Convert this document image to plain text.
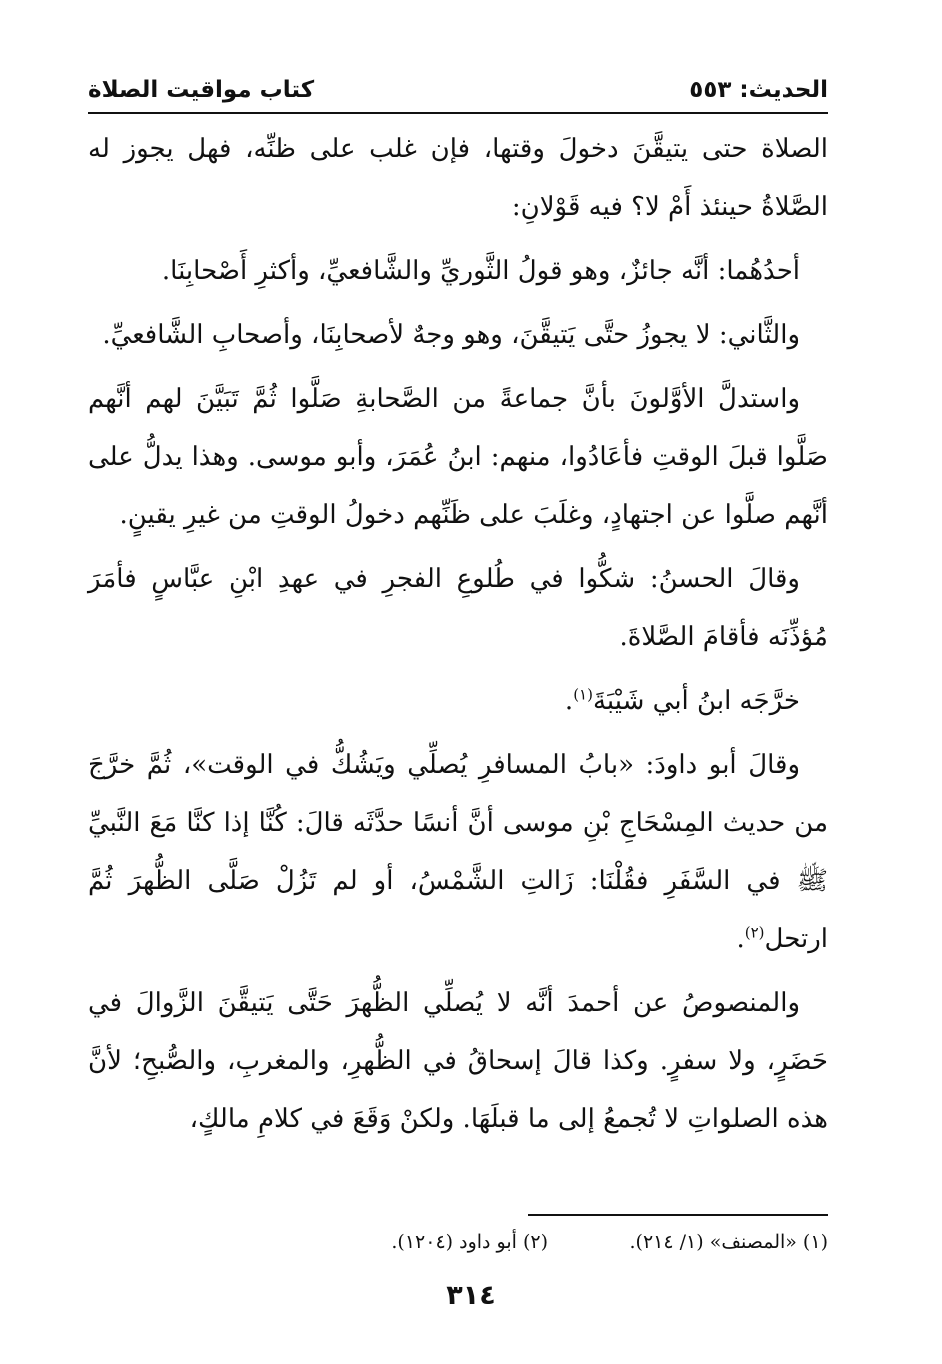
الحديث: ٥٥٣
كتاب مواقيت الصلاة

الصلاة حتى يتيقَّنَ دخولَ وقتها، فإن غلب على ظنِّه، فهل يجوز له الصَّلاةُ حينئذ أَمْ لا؟ فيه قَوْلانِ:

أحدُهُما: أنَّه جائزٌ، وهو قولُ الثَّوريِّ والشَّافعيِّ، وأكثرِ أَصْحابِنَا.

والثَّاني: لا يجوزُ حتَّى يَتيقَّنَ، وهو وجهٌ لأصحابِنَا، وأصحابِ الشَّافعيِّ.

واستدلَّ الأوَّلونَ بأنَّ جماعةً من الصَّحابةِ صَلَّوا ثُمَّ تَبَيَّنَ لهم أنَّهم صَلَّوا قبلَ الوقتِ فأعَادُوا، منهم: ابنُ عُمَرَ، وأبو موسى. وهذا يدلُّ على أنَّهم صلَّوا عن اجتهادٍ، وغلَبَ على ظَنِّهم دخولُ الوقتِ من غيرِ يقينٍ.

وقالَ الحسنُ: شكُّوا في طُلوعِ الفجرِ في عهدِ ابْنِ عبَّاسٍ فأمَرَ مُؤذِّنَه فأقامَ الصَّلاةَ.

خرَّجَه ابنُ أبي شَيْبَةَ$^{(١)}$.

وقالَ أبو داودَ: «بابُ المسافرِ يُصلِّي ويَشُكُّ في الوقت»، ثُمَّ خرَّجَ من حديث المِسْحَاجِ بْنِ موسى أنَّ أنسًا حدَّثَه قالَ: كُنَّا إذا كنَّا مَعَ النَّبيِّ ﷺ في السَّفَرِ فقُلْنَا: زَالتِ الشَّمْسُ، أو لم تَزُلْ صَلَّى الظُّهرَ ثُمَّ ارتحل$^{(٢)}$.

والمنصوصُ عن أحمدَ أنَّه لا يُصلِّي الظُّهرَ حَتَّى يَتيقَّنَ الزَّوالَ في حَضَرٍ، ولا سفرٍ. وكذا قالَ إسحاقُ في الظُّهرِ، والمغربِ، والصُّبحِ؛ لأنَّ هذه الصلواتِ لا تُجمعُ إلى ما قبلَهَا. ولكنْ وَقَعَ في كلامِ مالكٍ،

(١) «المصنف» (١/ ٢١٤).
(٢) أبو داود (١٢٠٤).
٣١٤
